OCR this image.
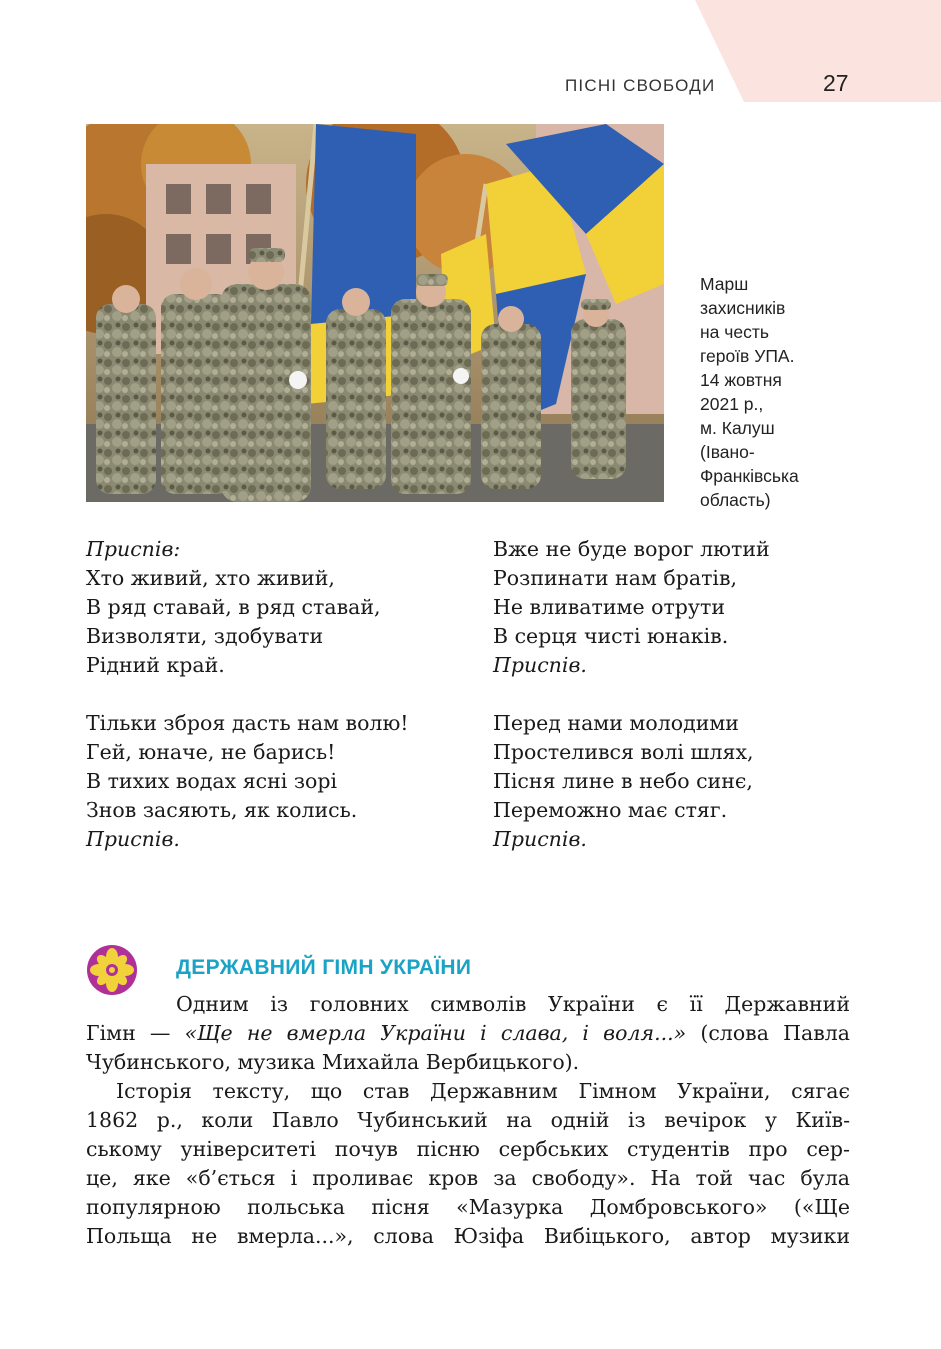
ПІСНІ СВОБОДИ	27
Марш
захисників
на честь
героїв УПА.
14 жовтня
2021 р.,
м. Калуш
(Івано-
Франківська
область)
Приспів:
Хто живий, хто живий,
В ряд ставай, в ряд ставай,
Визволяти, здобувати
Рідний край.
Тільки зброя дасть нам волю!
Гей, юначе, не барись!
В тихих водах ясні зорі
Знов засяють, як колись.
Приспів.
Вже не буде ворог лютий
Розпинати нам братів,
Не вливатиме отрути
В серця чисті юнаків.
Приспів.
Перед нами молодими
Простелився волі шлях,
Пісня лине в небо синє,
Переможно має стяг.
Приспів.
ДЕРЖАВНИЙ ГІМН УКРАЇНИ
Одним із головних символів України є її Державний
Гімн — «Ще не вмерла України і слава, і воля...» (слова Павла
Чубинського, музика Михайла Вербицького).
Історія тексту, що став Державним Гімном України, сягає
1862 р., коли Павло Чубинський на одній із вечірок у Київ-
ському університеті почув пісню сербських студентів про сер-
це, яке «б’ється і проливає кров за свободу». На той час була
популярною польська пісня «Мазурка Домбровського» («Ще
Польща не вмерла...», слова Юзіфа Вибіцького, автор музики
